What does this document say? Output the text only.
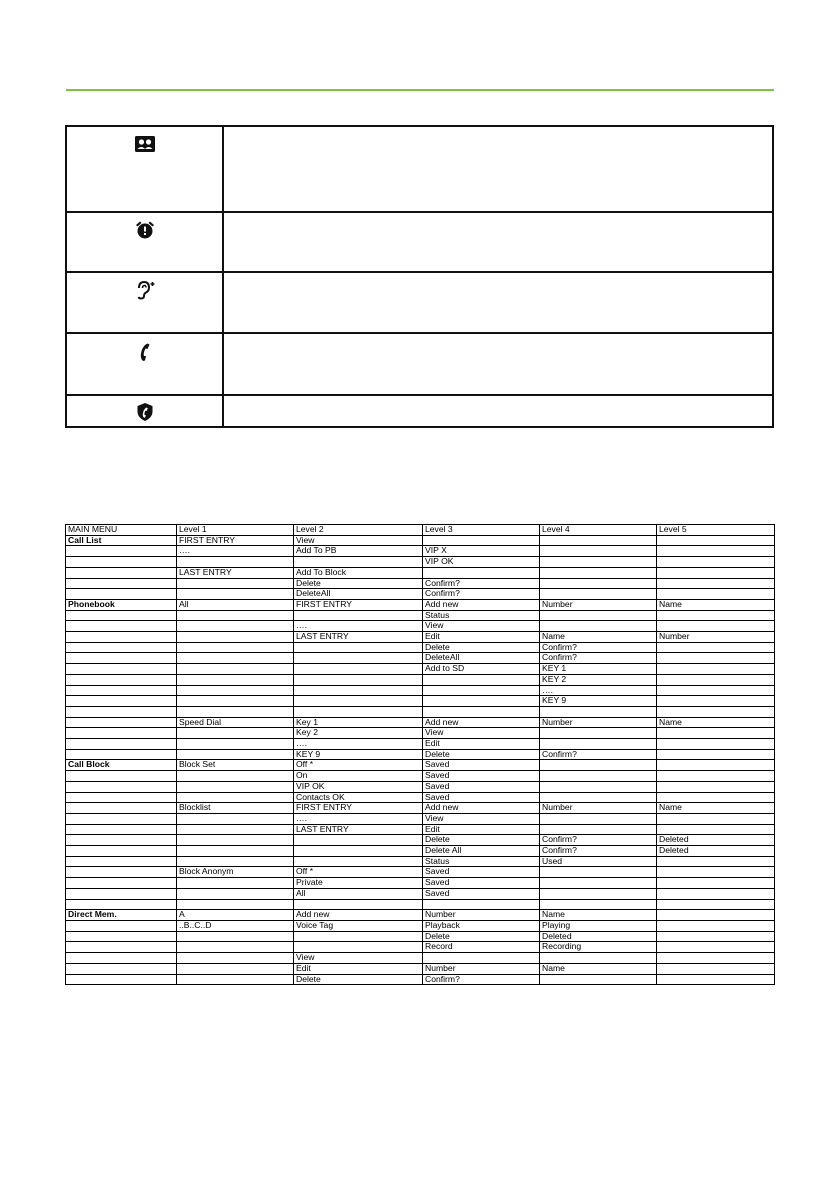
MAIN MENU	Level 1	Level 2	Level 3	Level 4	Level 5
Call List	FIRST ENTRY	View			
	….	Add To PB	VIP X		
			VIP OK		
	LAST ENTRY	Add To Block			
		Delete	Confirm?		
		DeleteAll	Confirm?		
Phonebook	All	FIRST ENTRY	Add new	Number	Name
			Status		
		….	View		
		LAST ENTRY	Edit	Name	Number
			Delete	Confirm?	
			DeleteAll	Confirm?	
			Add to SD	KEY 1	
				KEY 2	
				….	
				KEY 9	

	Speed Dial	Key 1	Add new	Number	Name
		Key 2	View		
		….	Edit		
		KEY 9	Delete	Confirm?	
Call Block	Block Set	Off *	Saved		
		On	Saved		
		VIP OK	Saved		
		Contacts OK	Saved		
	Blocklist	FIRST ENTRY	Add new	Number	Name
		….	View		
		LAST ENTRY	Edit		
			Delete	Confirm?	Deleted
			Delete All	Confirm?	Deleted
			Status	Used	
	Block Anonym	Off *	Saved		
		Private	Saved		
		All	Saved		

Direct Mem.	A	Add new	Number	Name	
	..B..C..D	Voice Tag	Playback	Playing	
			Delete	Deleted	
			Record	Recording	
		View			
		Edit	Number	Name	
		Delete	Confirm?		
